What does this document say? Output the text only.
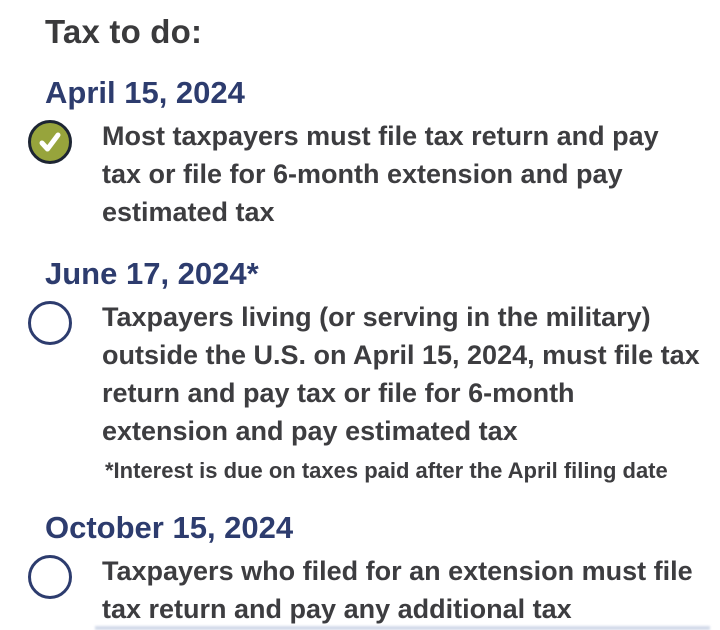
Tax to do:
April 15, 2024
Most taxpayers must file tax return and pay tax or file for 6-month extension and pay estimated tax
June 17, 2024*
Taxpayers living (or serving in the military) outside the U.S. on April 15, 2024, must file tax return and pay tax or file for 6-month extension and pay estimated tax
*Interest is due on taxes paid after the April filing date
October 15, 2024
Taxpayers who filed for an extension must file tax return and pay any additional tax
